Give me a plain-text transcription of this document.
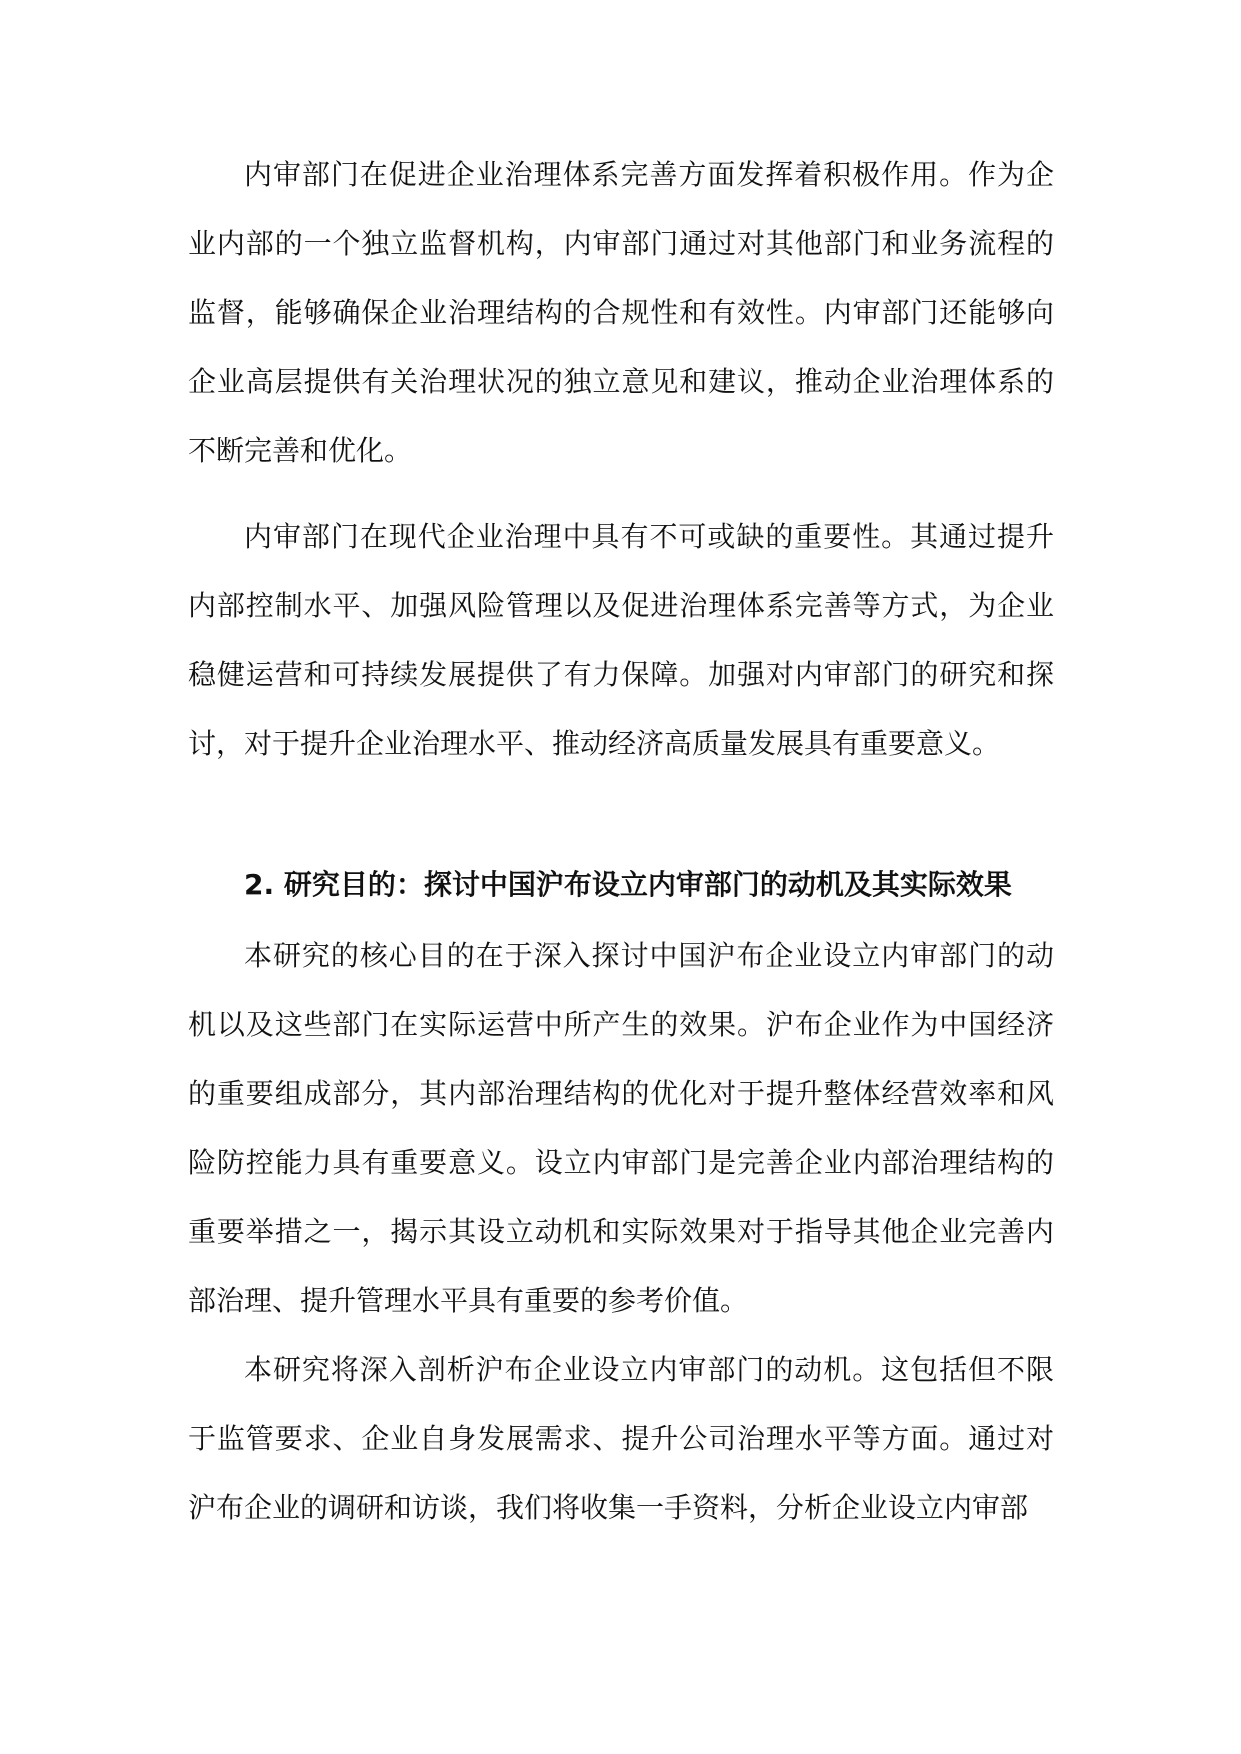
内审部门在促进企业治理体系完善方面发挥着积极作用。作为企业内部的一个独立监督机构，内审部门通过对其他部门和业务流程的监督，能够确保企业治理结构的合规性和有效性。内审部门还能够向企业高层提供有关治理状况的独立意见和建议，推动企业治理体系的不断完善和优化。

内审部门在现代企业治理中具有不可或缺的重要性。其通过提升内部控制水平、加强风险管理以及促进治理体系完善等方式，为企业稳健运营和可持续发展提供了有力保障。加强对内审部门的研究和探讨，对于提升企业治理水平、推动经济高质量发展具有重要意义。

2. 研究目的：探讨中国沪布设立内审部门的动机及其实际效果

本研究的核心目的在于深入探讨中国沪布企业设立内审部门的动机以及这些部门在实际运营中所产生的效果。沪布企业作为中国经济的重要组成部分，其内部治理结构的优化对于提升整体经营效率和风险防控能力具有重要意义。设立内审部门是完善企业内部治理结构的重要举措之一，揭示其设立动机和实际效果对于指导其他企业完善内部治理、提升管理水平具有重要的参考价值。

本研究将深入剖析沪布企业设立内审部门的动机。这包括但不限于监管要求、企业自身发展需求、提升公司治理水平等方面。通过对沪布企业的调研和访谈，我们将收集一手资料，分析企业设立内审部
